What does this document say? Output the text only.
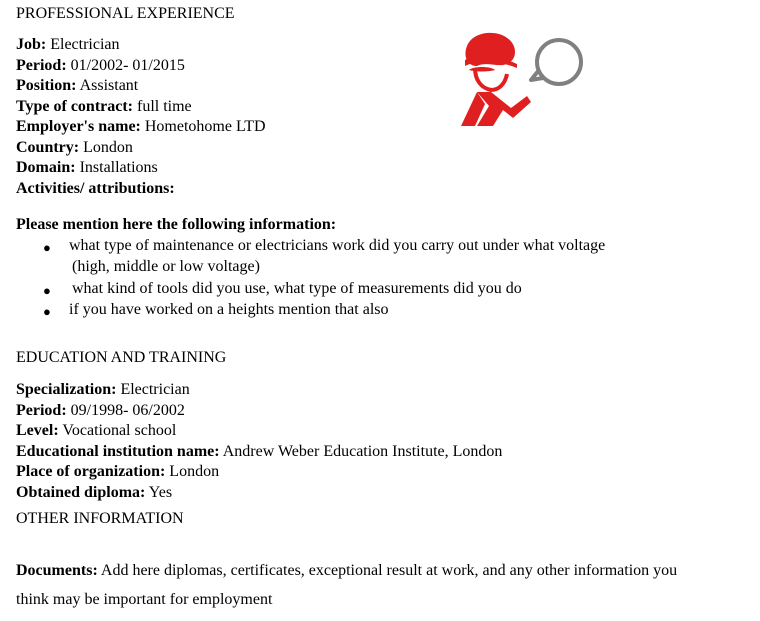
PROFESSIONAL EXPERIENCE
Job: Electrician
Period: 01/2002- 01/2015
Position: Assistant
Type of contract: full time
Employer's name: Hometohome LTD
Country: London
Domain: Installations
Activities/ attributions:
Please mention here the following information:
● what type of maintenance or electricians work did you carry out under what voltage
(high, middle or low voltage)
● what kind of tools did you use, what type of measurements did you do
● if you have worked on a heights mention that also
EDUCATION AND TRAINING
Specialization: Electrician
Period: 09/1998- 06/2002
Level: Vocational school
Educational institution name: Andrew Weber Education Institute, London
Place of organization: London
Obtained diploma: Yes
OTHER INFORMATION
Documents: Add here diplomas, certificates, exceptional result at work, and any other information you
think may be important for employment
